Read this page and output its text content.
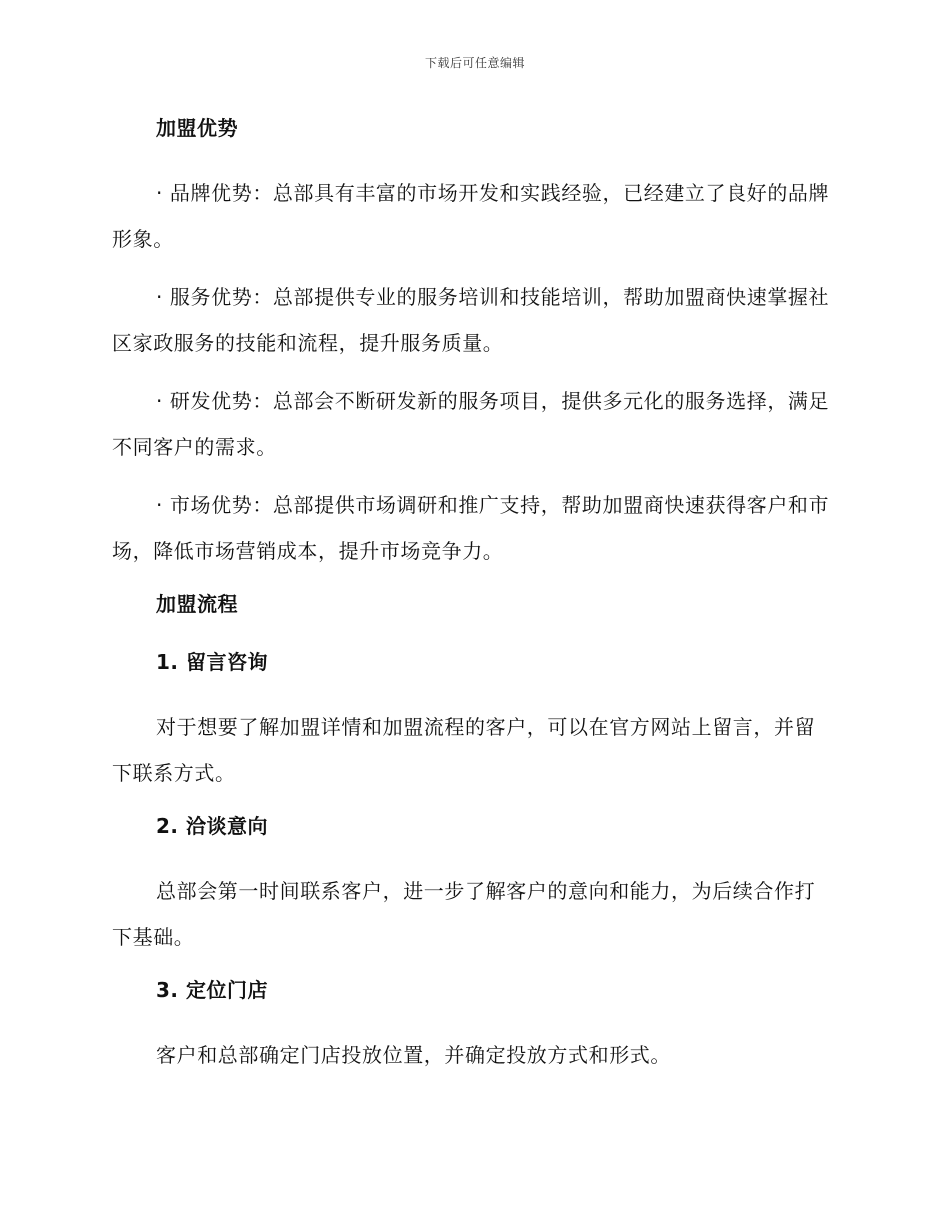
下载后可任意编辑
加盟优势
· 品牌优势：总部具有丰富的市场开发和实践经验，已经建立了良好的品牌形象。
· 服务优势：总部提供专业的服务培训和技能培训，帮助加盟商快速掌握社区家政服务的技能和流程，提升服务质量。
· 研发优势：总部会不断研发新的服务项目，提供多元化的服务选择，满足不同客户的需求。
· 市场优势：总部提供市场调研和推广支持，帮助加盟商快速获得客户和市场，降低市场营销成本，提升市场竞争力。
加盟流程
1. 留言咨询
对于想要了解加盟详情和加盟流程的客户，可以在官方网站上留言，并留下联系方式。
2. 洽谈意向
总部会第一时间联系客户，进一步了解客户的意向和能力，为后续合作打下基础。
3. 定位门店
客户和总部确定门店投放位置，并确定投放方式和形式。
